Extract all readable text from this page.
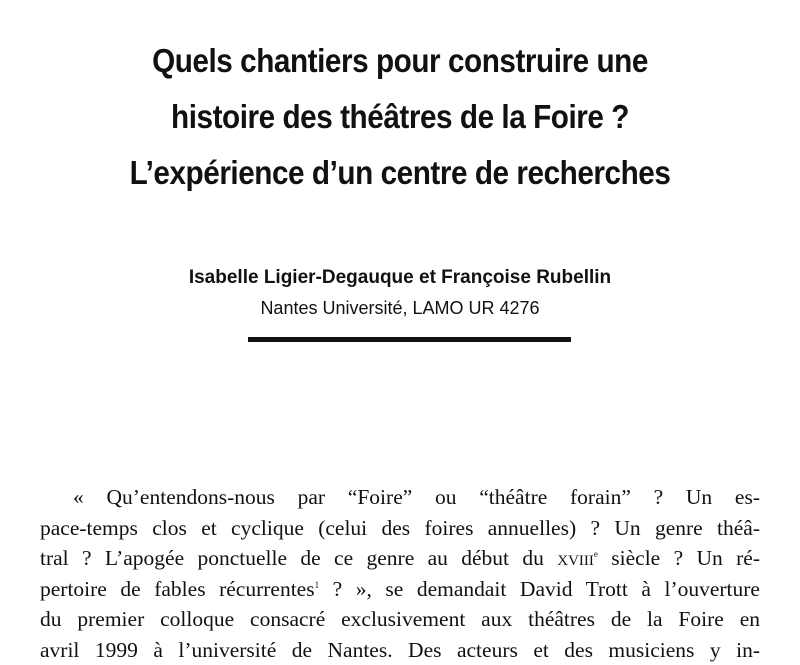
Quels chantiers pour construire une
histoire des théâtres de la Foire ?
L’expérience d’un centre de recherches

Isabelle Ligier-Degauque et Françoise Rubellin

Nantes Université, LAMO UR 4276

« Qu’entendons-nous par “Foire” ou “théâtre forain” ? Un es-
pace-temps clos et cyclique (celui des foires annuelles) ? Un genre théâ-
tral ? L’apogée ponctuelle de ce genre au début du xviii$^e$ siècle ? Un ré-
pertoire de fables récurrentes$^1$ ? », se demandait David Trott à l’ouverture
du premier colloque consacré exclusivement aux théâtres de la Foire en
avril 1999 à l’université de Nantes. Des acteurs et des musiciens y in-
